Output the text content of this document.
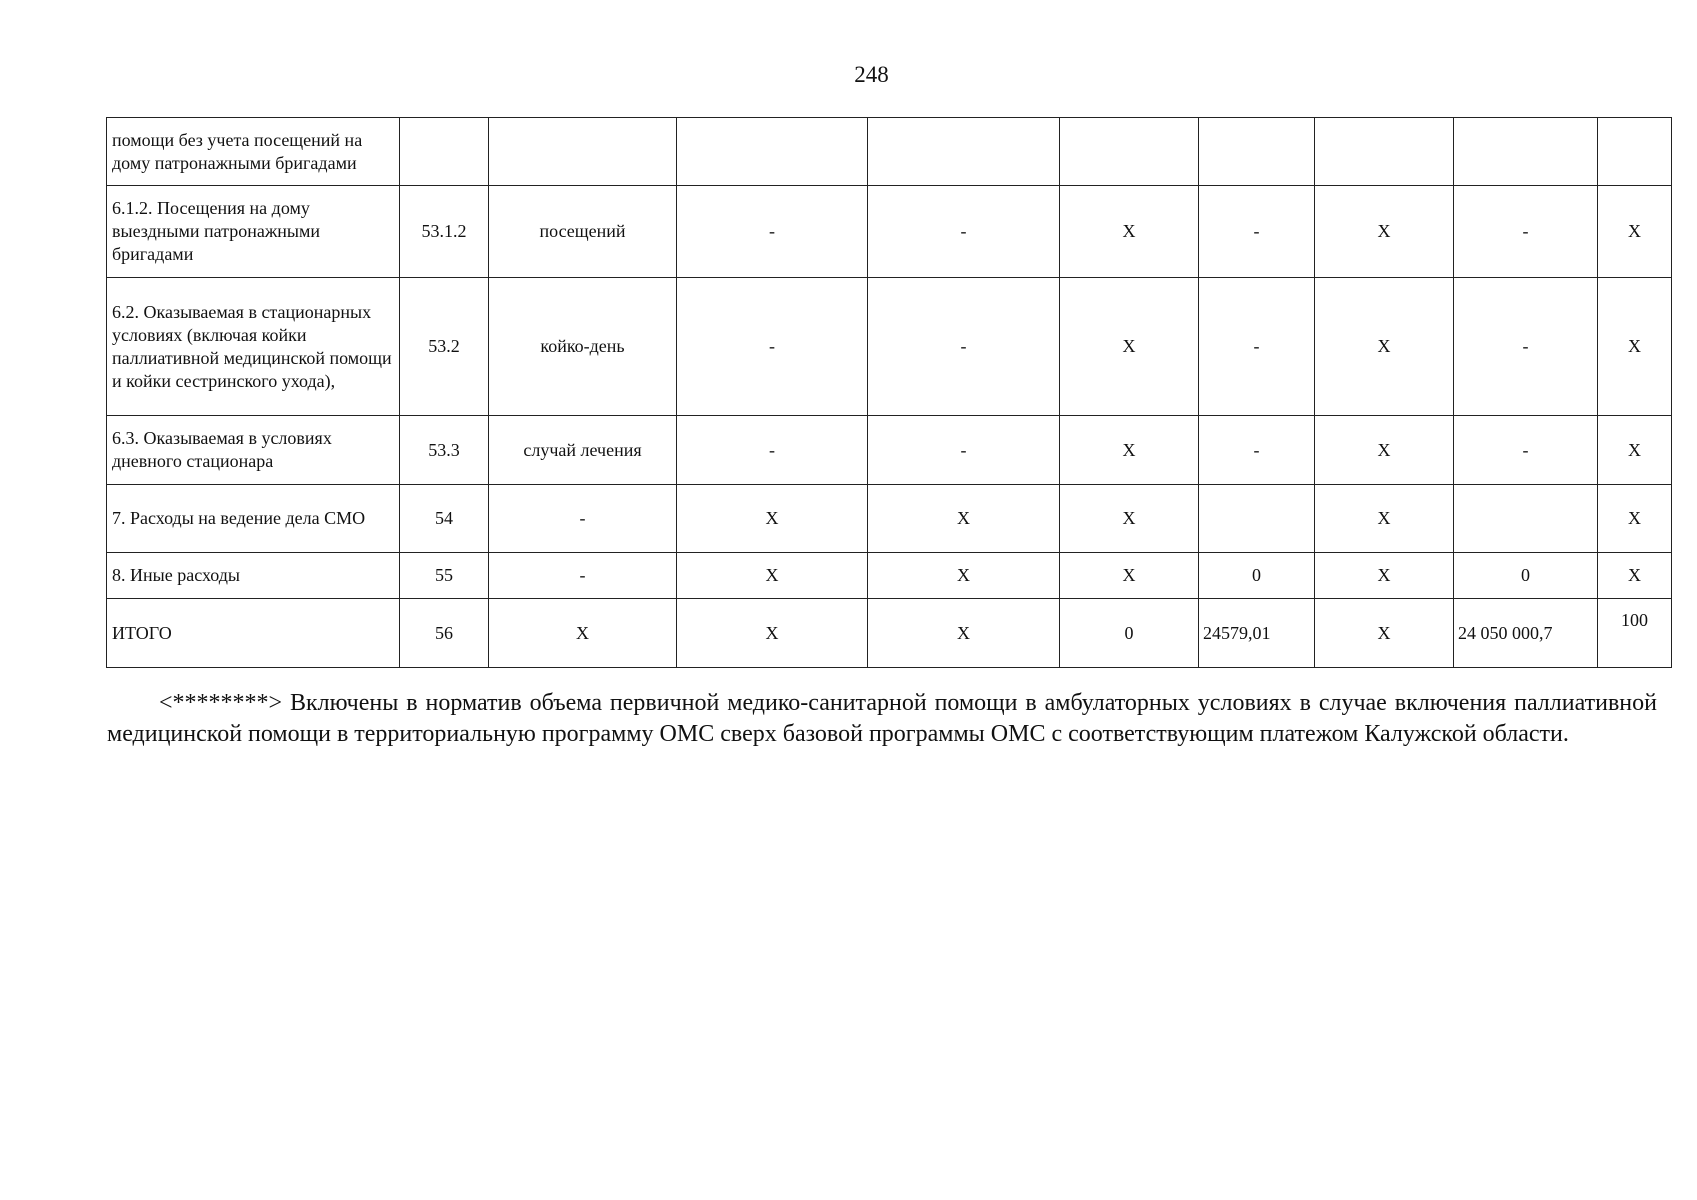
248
помощи без учета посещений на дому патронажными бригадами									
6.1.2. Посещения на дому выездными патронажными бригадами	53.1.2	посещений	-	-	X	-	X	-	X
6.2. Оказываемая в стационарных условиях (включая койки паллиативной медицинской помощи и койки сестринского ухода),	53.2	койко-день	-	-	X	-	X	-	X
6.3. Оказываемая в условиях дневного стационара	53.3	случай лечения	-	-	X	-	X	-	X
7. Расходы на ведение дела СМО	54	-	X	X	X		X		X
8. Иные расходы	55	-	X	X	X	0	X	0	X
ИТОГО	56	X	X	X	0	24579,01	X	24 050 000,7	100

<********> Включены в норматив объема первичной медико-санитарной помощи в амбулаторных условиях в случае включения паллиативной медицинской помощи в территориальную программу ОМС сверх базовой программы ОМС с соответствующим платежом Калужской области.
